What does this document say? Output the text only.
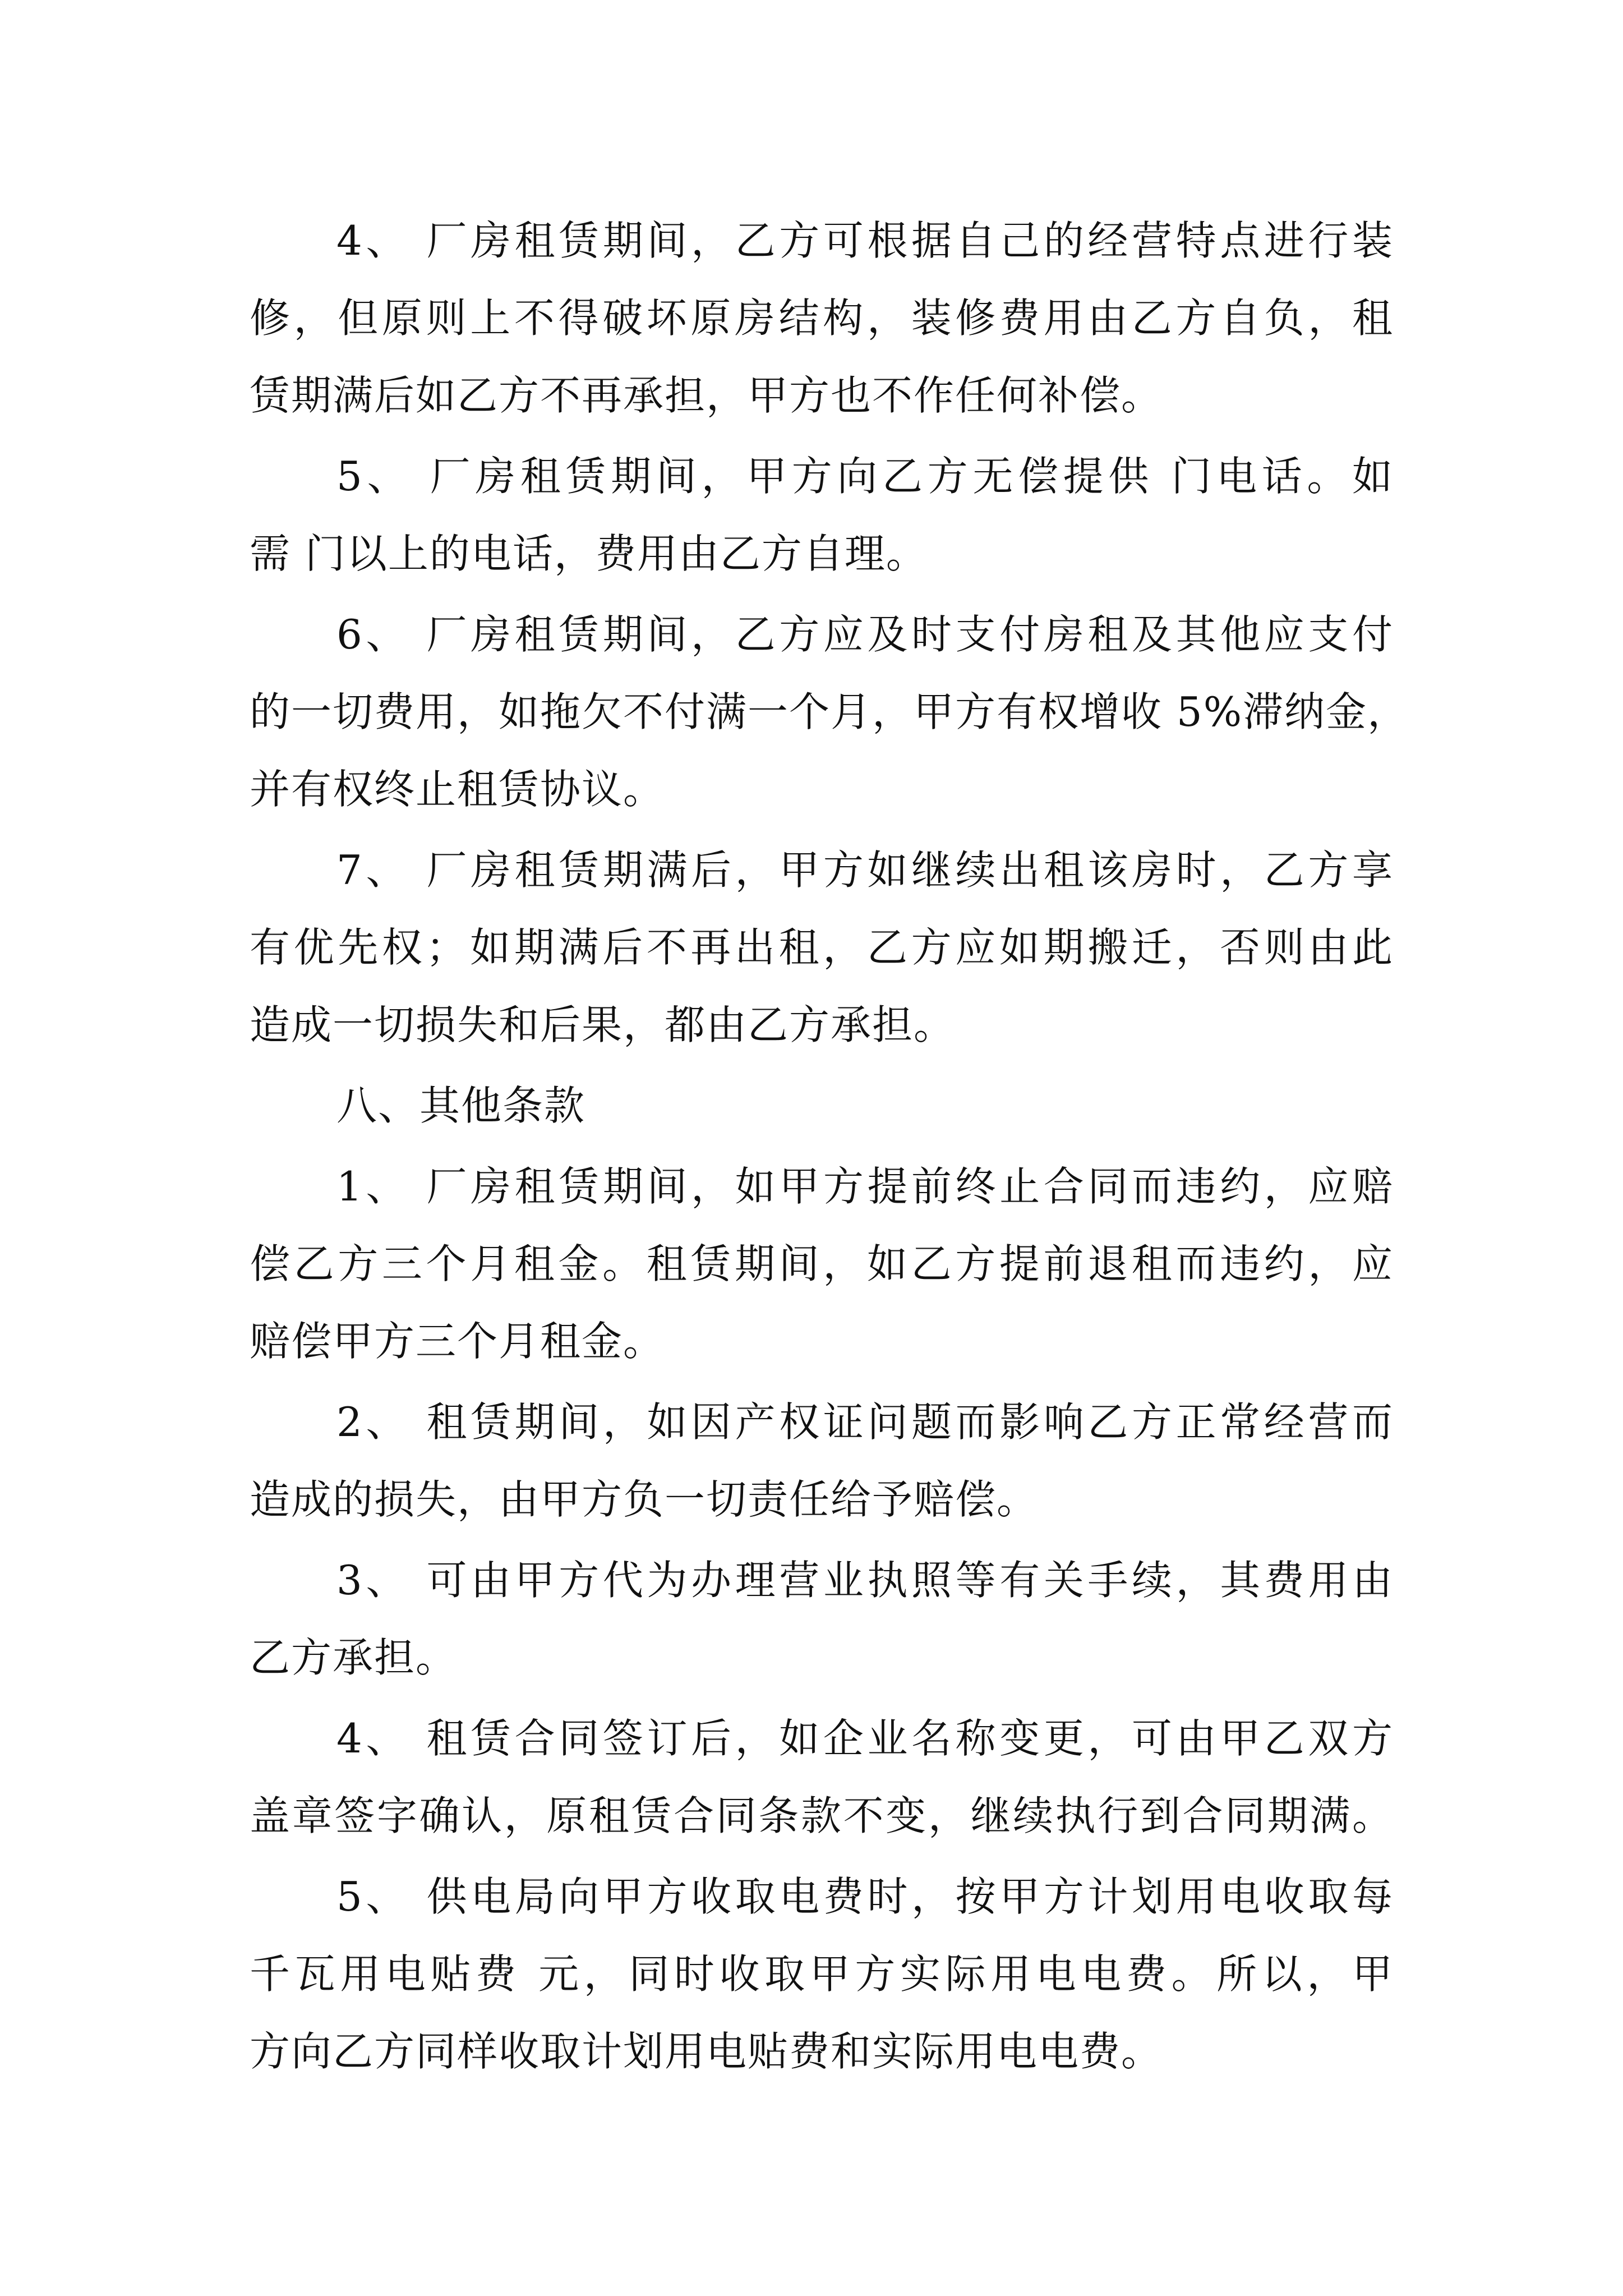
4、 厂房租赁期间，乙方可根据自己的经营特点进行装
修，但原则上不得破坏原房结构，装修费用由乙方自负，租
赁期满后如乙方不再承担，甲方也不作任何补偿。
5、 厂房租赁期间，甲方向乙方无偿提供 门电话。如
需 门以上的电话，费用由乙方自理。
6、 厂房租赁期间，乙方应及时支付房租及其他应支付
的一切费用，如拖欠不付满一个月，甲方有权增收 5%滞纳金，
并有权终止租赁协议。
7、 厂房租赁期满后，甲方如继续出租该房时，乙方享
有优先权；如期满后不再出租，乙方应如期搬迁，否则由此
造成一切损失和后果，都由乙方承担。
八、其他条款
1、 厂房租赁期间，如甲方提前终止合同而违约，应赔
偿乙方三个月租金。租赁期间，如乙方提前退租而违约，应
赔偿甲方三个月租金。
2、 租赁期间，如因产权证问题而影响乙方正常经营而
造成的损失，由甲方负一切责任给予赔偿。
3、 可由甲方代为办理营业执照等有关手续，其费用由
乙方承担。
4、 租赁合同签订后，如企业名称变更，可由甲乙双方
盖章签字确认，原租赁合同条款不变，继续执行到合同期满。
5、 供电局向甲方收取电费时，按甲方计划用电收取每
千瓦用电贴费 元，同时收取甲方实际用电电费。所以，甲
方向乙方同样收取计划用电贴费和实际用电电费。
